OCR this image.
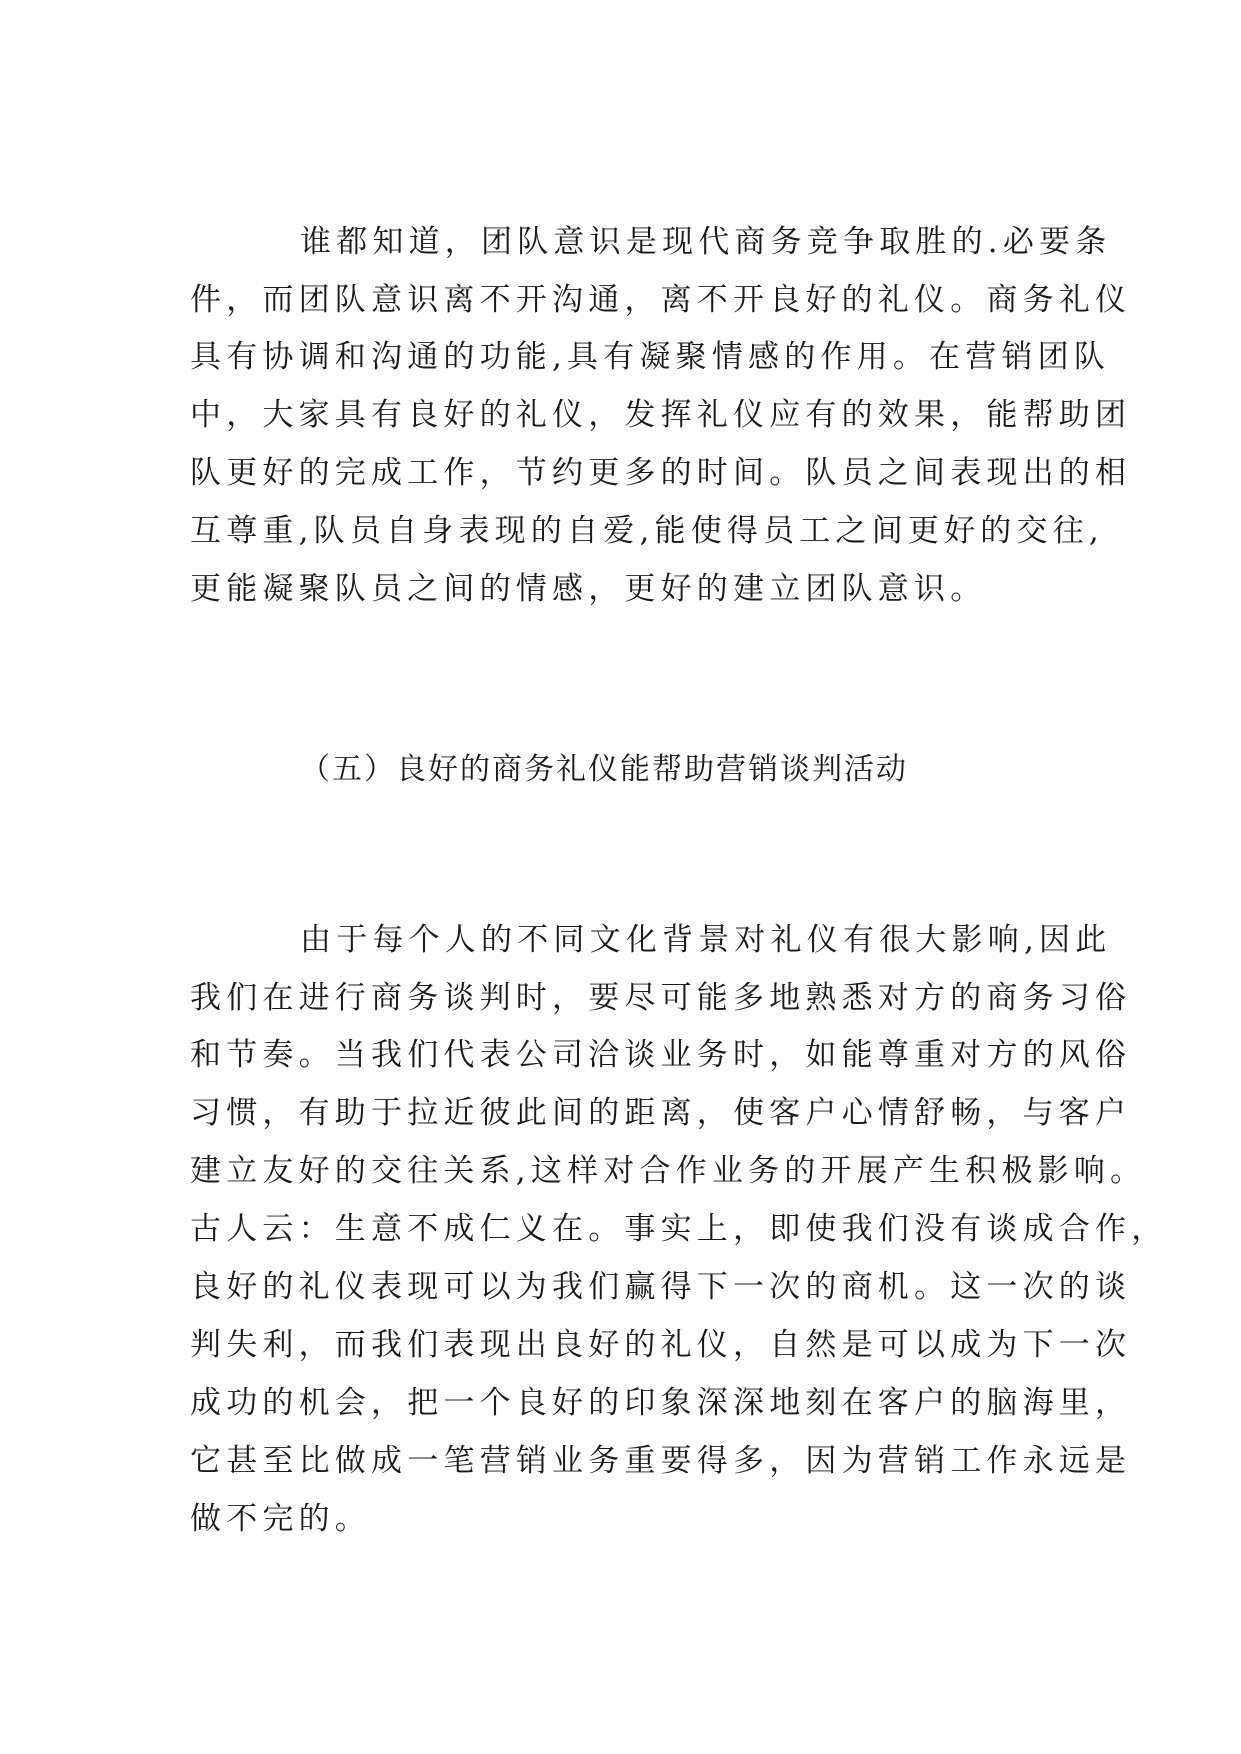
谁都知道，团队意识是现代商务竞争取胜的.必要条
件，而团队意识离不开沟通，离不开良好的礼仪。商务礼仪
具有协调和沟通的功能,具有凝聚情感的作用。在营销团队
中，大家具有良好的礼仪，发挥礼仪应有的效果，能帮助团
队更好的完成工作，节约更多的时间。队员之间表现出的相
互尊重,队员自身表现的自爱,能使得员工之间更好的交往,
更能凝聚队员之间的情感，更好的建立团队意识。
（五）良好的商务礼仪能帮助营销谈判活动
由于每个人的不同文化背景对礼仪有很大影响,因此
我们在进行商务谈判时，要尽可能多地熟悉对方的商务习俗
和节奏。当我们代表公司洽谈业务时，如能尊重对方的风俗
习惯，有助于拉近彼此间的距离，使客户心情舒畅，与客户
建立友好的交往关系,这样对合作业务的开展产生积极影响。
古人云：生意不成仁义在。事实上，即使我们没有谈成合作，
良好的礼仪表现可以为我们赢得下一次的商机。这一次的谈
判失利，而我们表现出良好的礼仪，自然是可以成为下一次
成功的机会，把一个良好的印象深深地刻在客户的脑海里，
它甚至比做成一笔营销业务重要得多，因为营销工作永远是
做不完的。
